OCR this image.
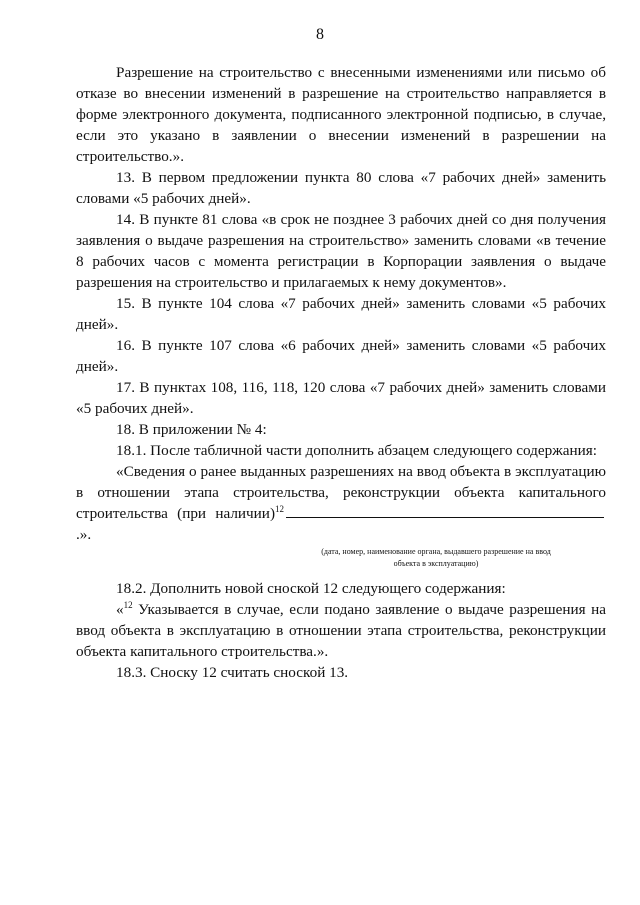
8

Разрешение на строительство с внесенными изменениями или письмо об отказе во внесении изменений в разрешение на строительство направляется в форме электронного документа, подписанного электронной подписью, в случае, если это указано в заявлении о внесении изменений в разрешении на строительство.».

13. В первом предложении пункта 80 слова «7 рабочих дней» заменить словами «5 рабочих дней».

14. В пункте 81 слова «в срок не позднее 3 рабочих дней со дня получения заявления о выдаче разрешения на строительство» заменить словами «в течение 8 рабочих часов с момента регистрации в Корпорации заявления о выдаче разрешения на строительство и прилагаемых к нему документов».

15. В пункте 104 слова «7 рабочих дней» заменить словами «5 рабочих дней».

16. В пункте 107 слова «6 рабочих дней» заменить словами «5 рабочих дней».

17. В пунктах 108, 116, 118, 120 слова «7 рабочих дней» заменить словами «5 рабочих дней».

18. В приложении № 4:

18.1. После табличной части дополнить абзацем следующего содержания:

«Сведения о ранее выданных разрешениях на ввод объекта в эксплуатацию в отношении этапа строительства, реконструкции объекта капитального строительства (при наличии)$^{12}$.».

(дата, номер, наименование органа, выдавшего разрешение на ввод
объекта в эксплуатацию)

18.2. Дополнить новой сноской 12 следующего содержания:

«$^{12}$ Указывается в случае, если подано заявление о выдаче разрешения на ввод объекта в эксплуатацию в отношении этапа строительства, реконструкции объекта капитального строительства.».

18.3. Сноску 12 считать сноской 13.
